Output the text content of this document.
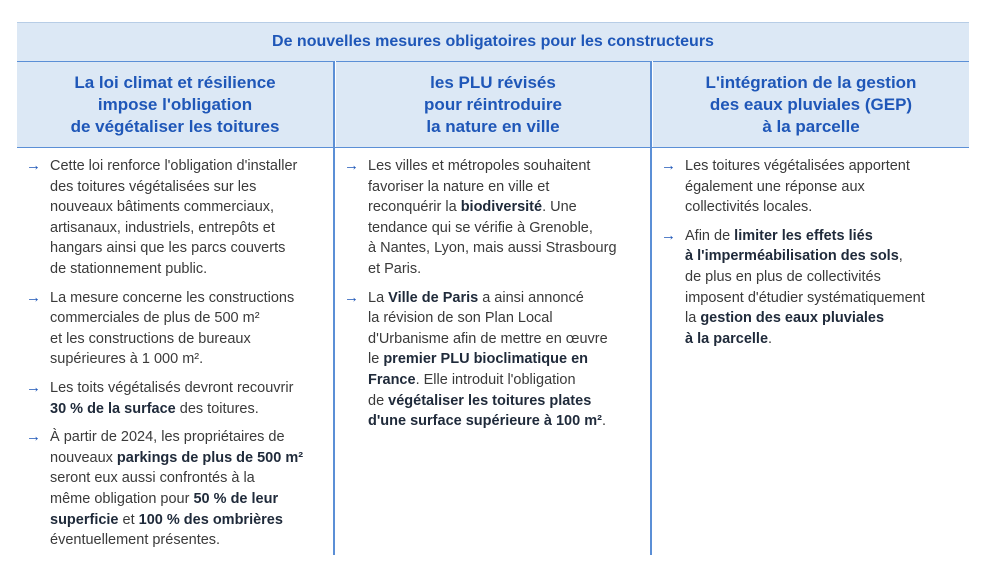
De nouvelles mesures obligatoires pour les constructeurs
La loi climat et résilience
impose l'obligation
de végétaliser les toitures
les PLU révisés
pour réintroduire
la nature en ville
L'intégration de la gestion
des eaux pluviales (GEP)
à la parcelle
→ Cette loi renforce l'obligation d'installer
des toitures végétalisées sur les
nouveaux bâtiments commerciaux,
artisanaux, industriels, entrepôts et
hangars ainsi que les parcs couverts
de stationnement public.
→ La mesure concerne les constructions
commerciales de plus de 500 m²
et les constructions de bureaux
supérieures à 1 000 m².
→ Les toits végétalisés devront recouvrir
30 % de la surface des toitures.
→ À partir de 2024, les propriétaires de
nouveaux parkings de plus de 500 m²
seront eux aussi confrontés à la
même obligation pour 50 % de leur
superficie et 100 % des ombrières
éventuellement présentes.
→ Les villes et métropoles souhaitent
favoriser la nature en ville et
reconquérir la biodiversité. Une
tendance qui se vérifie à Grenoble,
à Nantes, Lyon, mais aussi Strasbourg
et Paris.
→ La Ville de Paris a ainsi annoncé
la révision de son Plan Local
d'Urbanisme afin de mettre en œuvre
le premier PLU bioclimatique en
France. Elle introduit l'obligation
de végétaliser les toitures plates
d'une surface supérieure à 100 m².
→ Les toitures végétalisées apportent
également une réponse aux
collectivités locales.
→ Afin de limiter les effets liés
à l'imperméabilisation des sols,
de plus en plus de collectivités
imposent d'étudier systématiquement
la gestion des eaux pluviales
à la parcelle.
